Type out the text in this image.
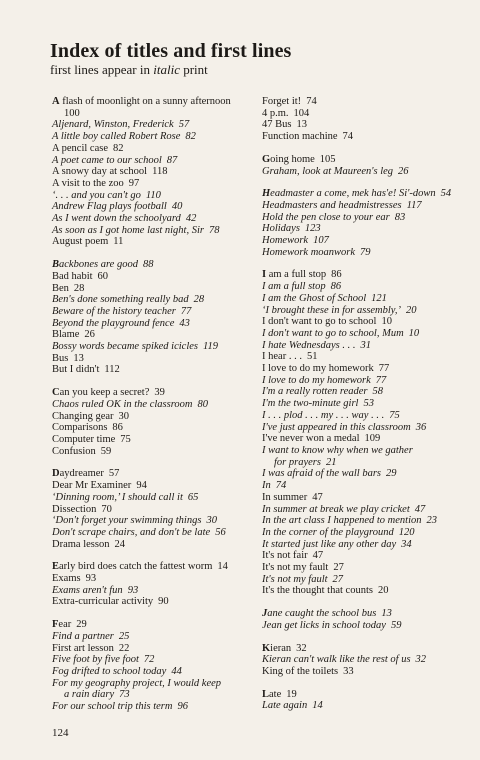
Index of titles and first lines
first lines appear in italic print
A flash of moonlight on a sunny afternoon
100
Aljenard, Winston, Frederick 57
A little boy called Robert Rose 82
A pencil case 82
A poet came to our school 87
A snowy day at school 118
A visit to the zoo 97
‘. . . and you can't go 110
Andrew Flag plays football 40
As I went down the schoolyard 42
As soon as I got home last night, Sir 78
August poem 11
Backbones are good 88
Bad habit 60
Ben 28
Ben's done something really bad 28
Beware of the history teacher 77
Beyond the playground fence 43
Blame 26
Bossy words became spiked icicles 119
Bus 13
But I didn't 112
Can you keep a secret? 39
Chaos ruled OK in the classroom 80
Changing gear 30
Comparisons 86
Computer time 75
Confusion 59
Daydreamer 57
Dear Mr Examiner 94
‘Dinning room,’ I should call it 65
Dissection 70
‘Don't forget your swimming things 30
Don't scrape chairs, and don't be late 56
Drama lesson 24
Early bird does catch the fattest worm 14
Exams 93
Exams aren't fun 93
Extra-curricular activity 90
Fear 29
Find a partner 25
First art lesson 22
Five foot by five foot 72
Fog drifted to school today 44
For my geography project, I would keep
a rain diary 73
For our school trip this term 96
Forget it! 74
4 p.m. 104
47 Bus 13
Function machine 74
Going home 105
Graham, look at Maureen's leg 26
Headmaster a come, mek has'e! Si'-down 54
Headmasters and headmistresses 117
Hold the pen close to your ear 83
Holidays 123
Homework 107
Homework moanwork 79
I am a full stop 86
I am a full stop 86
I am the Ghost of School 121
‘I brought these in for assembly,’ 20
I don't want to go to school 10
I don't want to go to school, Mum 10
I hate Wednesdays . . . 31
I hear . . . 51
I love to do my homework 77
I love to do my homework 77
I'm a really rotten reader 58
I'm the two-minute girl 53
I . . . plod . . . my . . . way . . . 75
I've just appeared in this classroom 36
I've never won a medal 109
I want to know why when we gather
for prayers 21
I was afraid of the wall bars 29
In 74
In summer 47
In summer at break we play cricket 47
In the art class I happened to mention 23
In the corner of the playground 120
It started just like any other day 34
It's not fair 47
It's not my fault 27
It's not my fault 27
It's the thought that counts 20
Jane caught the school bus 13
Jean get licks in school today 59
Kieran 32
Kieran can't walk like the rest of us 32
King of the toilets 33
Late 19
Late again 14
124
